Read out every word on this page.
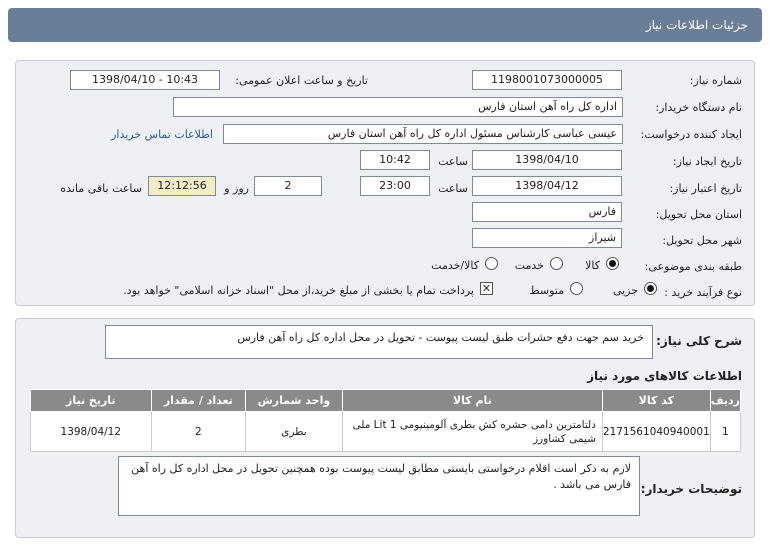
جزئیات اطلاعات نیاز
شماره نیاز:
1198001073000005
تاریخ و ساعت اعلان عمومی:
1398/04/10 - 10:43
نام دستگاه خریدار:
اداره کل راه آهن استان فارس
ایجاد کننده درخواست:
عیسی عباسی کارشناس مسئول اداره کل راه آهن استان فارس
اطلاعات تماس خریدار
تاریخ ایجاد نیاز:
1398/04/10
ساعت
10:42
تاریخ اعتبار نیاز:
1398/04/12
ساعت
23:00
2
روز و
12:12:56
ساعت باقی مانده
استان محل تحویل:
فارس
شهر محل تحویل:
شیراز
طبقه بندی موضوعی:
کالا
خدمت
کالا/خدمت
نوع فرآیند خرید :
جزیی
متوسط
✕
پرداخت تمام یا بخشی از مبلغ خرید،از محل "اسناد خزانه اسلامی" خواهد بود.
شرح کلی نیاز:
خرید سم جهت دفع حشرات طبق لیست پیوست - تحویل در محل اداره کل راه آهن فارس
اطلاعات کالاهای مورد نیاز
ردیف	کد کالا	نام کالا	واحد شمارش	تعداد / مقدار	تاریخ نیاز
1	2171561040940001	دلتامترین دامی حشره کش بطری آلومینیومی 1 Lit ملی شیمی کشاورز	بطری	2	1398/04/12
توضیحات خریدار:
لازم به ذکر است اقلام درخواستی بایستی مطابق لیست پیوست بوده همچنین تحویل در محل اداره کل راه آهن فارس می باشد .
